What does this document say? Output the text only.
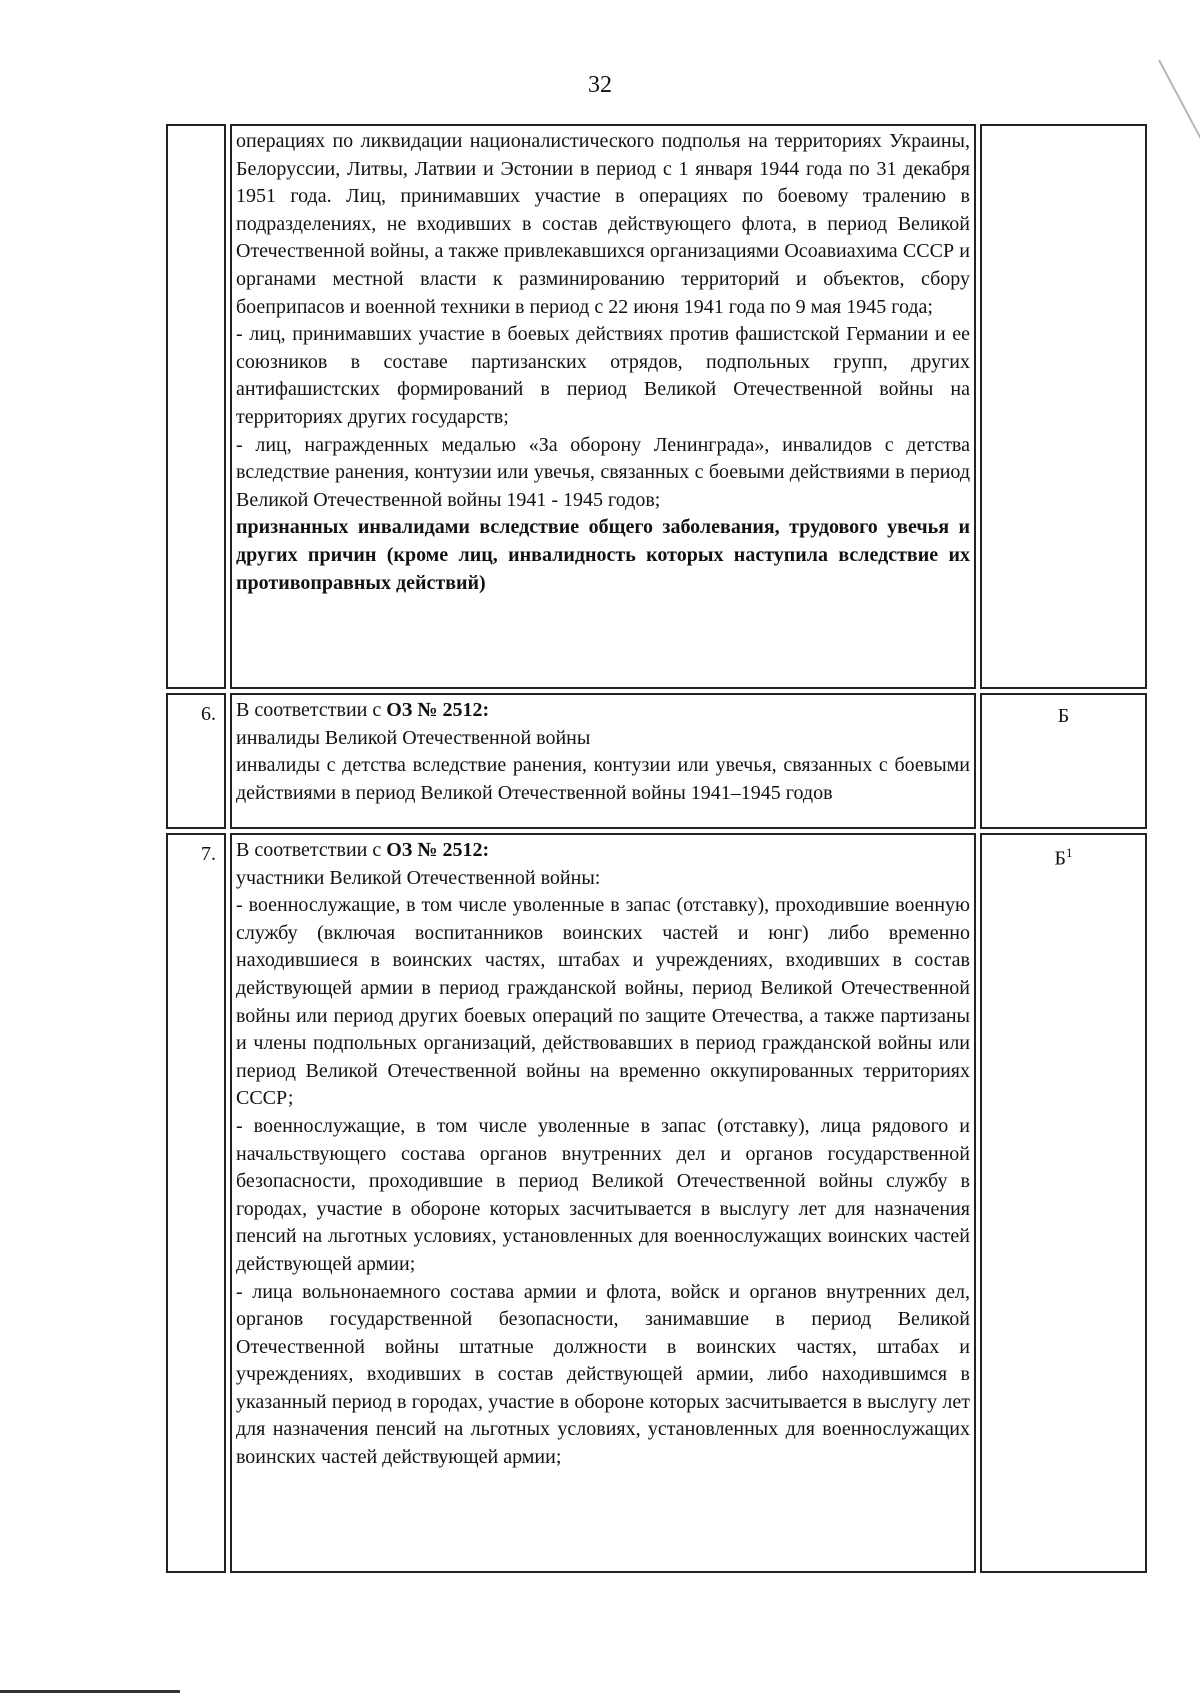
32

операциях по ликвидации националистического подполья на территориях Украины, Белоруссии, Литвы, Латвии и Эстонии в период с 1 января 1944 года по 31 декабря 1951 года. Лиц, принимавших участие в операциях по боевому тралению в подразделениях, не входивших в состав действующего флота, в период Великой Отечественной войны, а также привлекавшихся организациями Осоавиахима СССР и органами местной власти к разминированию территорий и объектов, сбору боеприпасов и военной техники в период с 22 июня 1941 года по 9 мая 1945 года;

- лиц, принимавших участие в боевых действиях против фашистской Германии и ее союзников в составе партизанских отрядов, подпольных групп, других антифашистских формирований в период Великой Отечественной войны на территориях других государств;

- лиц, награжденных медалью «За оборону Ленинграда», инвалидов с детства вследствие ранения, контузии или увечья, связанных с боевыми действиями в период Великой Отечественной войны 1941 - 1945 годов;

признанных инвалидами вследствие общего заболевания, трудового увечья и других причин (кроме лиц, инвалидность которых наступила вследствие их противоправных действий)

6.	В соответствии с ОЗ № 2512:

инвалиды Великой Отечественной войны

инвалиды с детства вследствие ранения, контузии или увечья, связанных с боевыми действиями в период Великой Отечественной войны 1941–1945 годов

Б
7.	В соответствии с ОЗ № 2512:

участники Великой Отечественной войны:

- военнослужащие, в том числе уволенные в запас (отставку), проходившие военную службу (включая воспитанников воинских частей и юнг) либо временно находившиеся в воинских частях, штабах и учреждениях, входивших в состав действующей армии в период гражданской войны, период Великой Отечественной войны или период других боевых операций по защите Отечества, а также партизаны и члены подпольных организаций, действовавших в период гражданской войны или период Великой Отечественной войны на временно оккупированных территориях СССР;

- военнослужащие, в том числе уволенные в запас (отставку), лица рядового и начальствующего состава органов внутренних дел и органов государственной безопасности, проходившие в период Великой Отечественной войны службу в городах, участие в обороне которых засчитывается в выслугу лет для назначения пенсий на льготных условиях, установленных для военнослужащих воинских частей действующей армии;

- лица вольнонаемного состава армии и флота, войск и органов внутренних дел, органов государственной безопасности, занимавшие в период Великой Отечественной войны штатные должности в воинских частях, штабах и учреждениях, входивших в состав действующей армии, либо находившимся в указанный период в городах, участие в обороне которых засчитывается в выслугу лет для назначения пенсий на льготных условиях, установленных для военнослужащих воинских частей действующей армии;

$Б^1$
